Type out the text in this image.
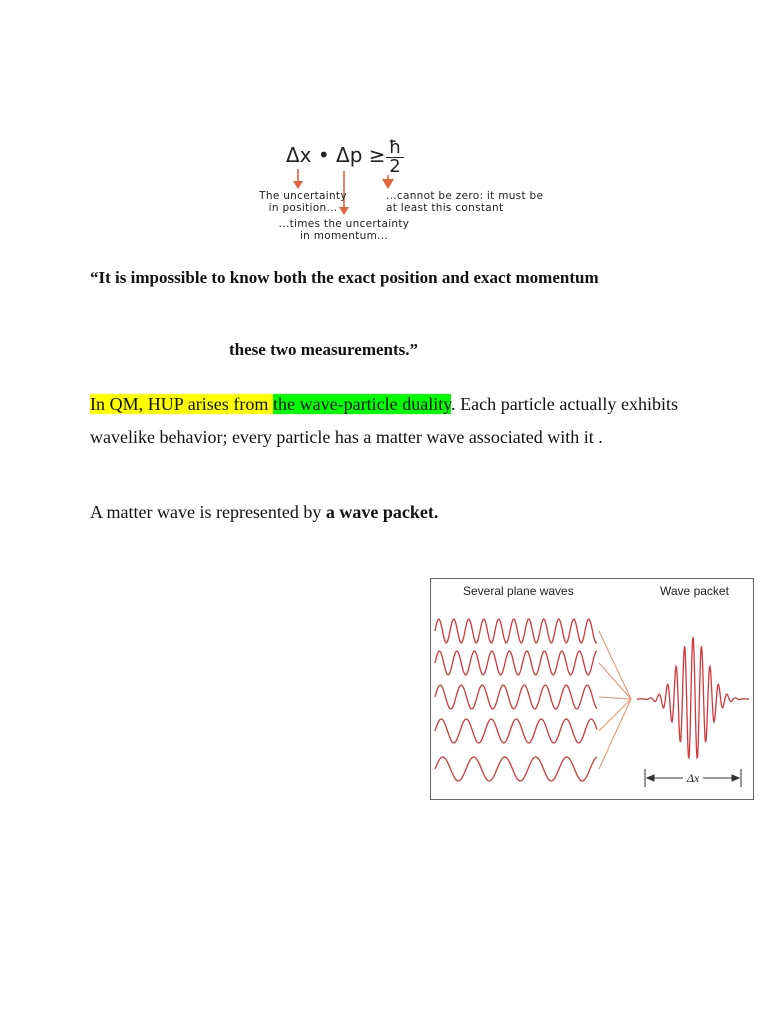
Δx • $\Delta p \ge \frac{ħ}{2}$
The uncertainty
in position...
...times the uncertainty
in momentum...
...cannot be zero: it must be
at least this constant
“It is impossible to know both the exact position and exact momentum
these two measurements.”
In QM, HUP arises from the wave-particle duality. Each particle actually exhibits wavelike behavior; every particle has a matter wave associated with it .
A matter wave is represented by a wave packet.
Several plane waves	Wave packet
Δx
